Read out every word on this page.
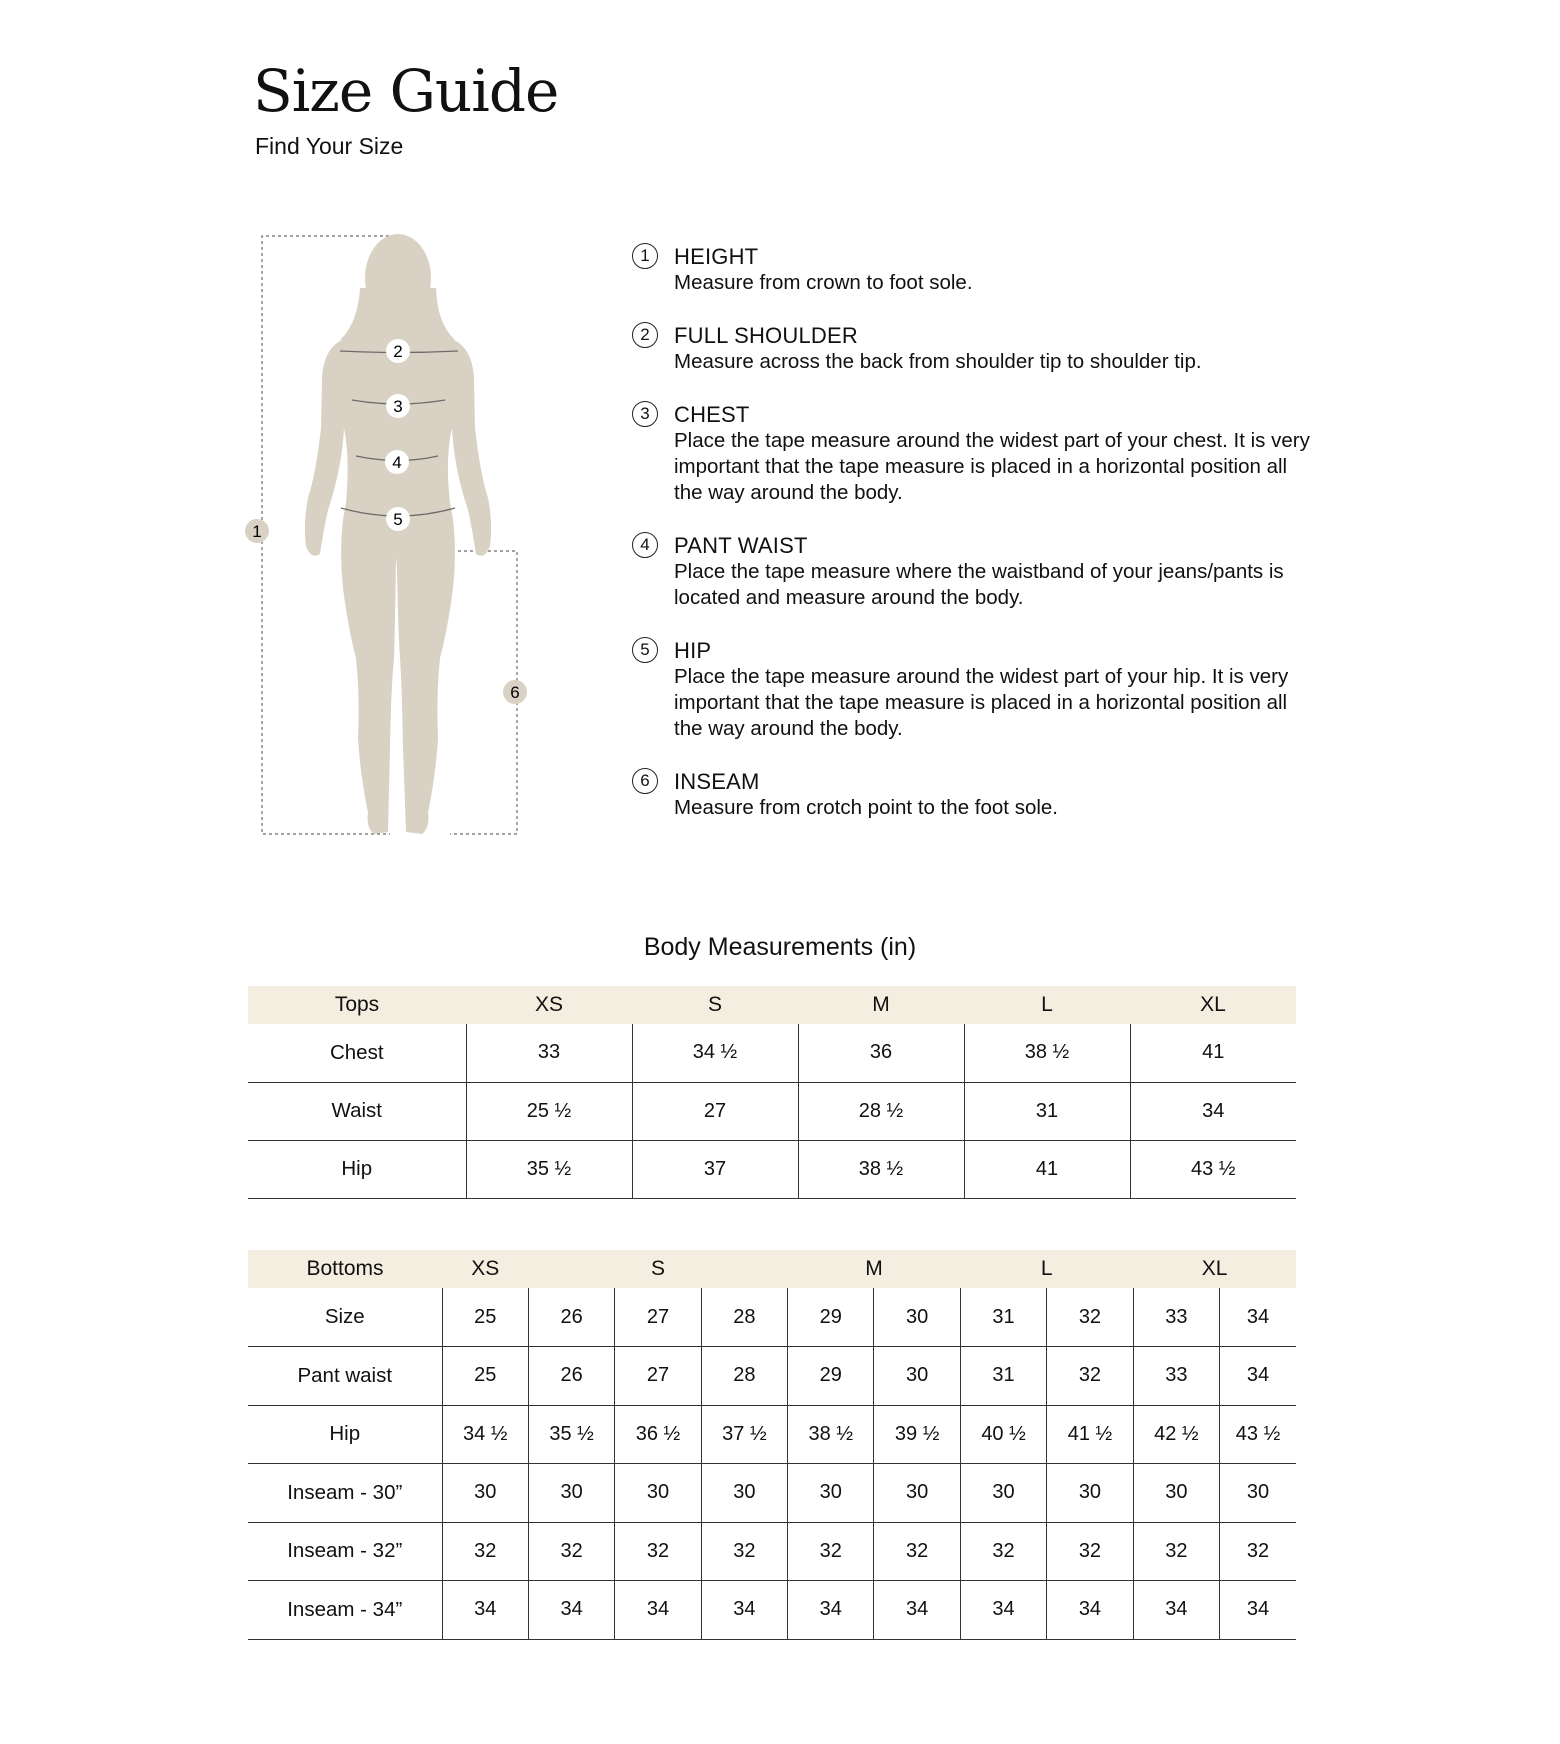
Size Guide
Find Your Size
1
2
3
4
5
6
1	HEIGHT
Measure from crown to foot sole.
2	FULL SHOULDER
Measure across the back from shoulder tip to shoulder tip.
3	CHEST
Place the tape measure around the widest part of your chest. It is very important that the tape measure is placed in a horizontal position all the way around the body.
4	PANT WAIST
Place the tape measure where the waistband of your jeans/pants is located and measure around the body.
5	HIP
Place the tape measure around the widest part of your hip. It is very important that the tape measure is placed in a horizontal position all the way around the body.
6	INSEAM
Measure from crotch point to the foot sole.
Body Measurements (in)
Tops	XS	S	M	L	XL
Chest	33	34 ½	36	38 ½	41
Waist	25 ½	27	28 ½	31	34
Hip	35 ½	37	38 ½	41	43 ½
Bottoms	XS	S			M		L		XL	
Size	25	26	27	28	29	30	31	32	33	34
Pant waist	25	26	27	28	29	30	31	32	33	34
Hip	34 ½	35 ½	36 ½	37 ½	38 ½	39 ½	40 ½	41 ½	42 ½	43 ½
Inseam - 30”	30	30	30	30	30	30	30	30	30	30
Inseam - 32”	32	32	32	32	32	32	32	32	32	32
Inseam - 34”	34	34	34	34	34	34	34	34	34	34
